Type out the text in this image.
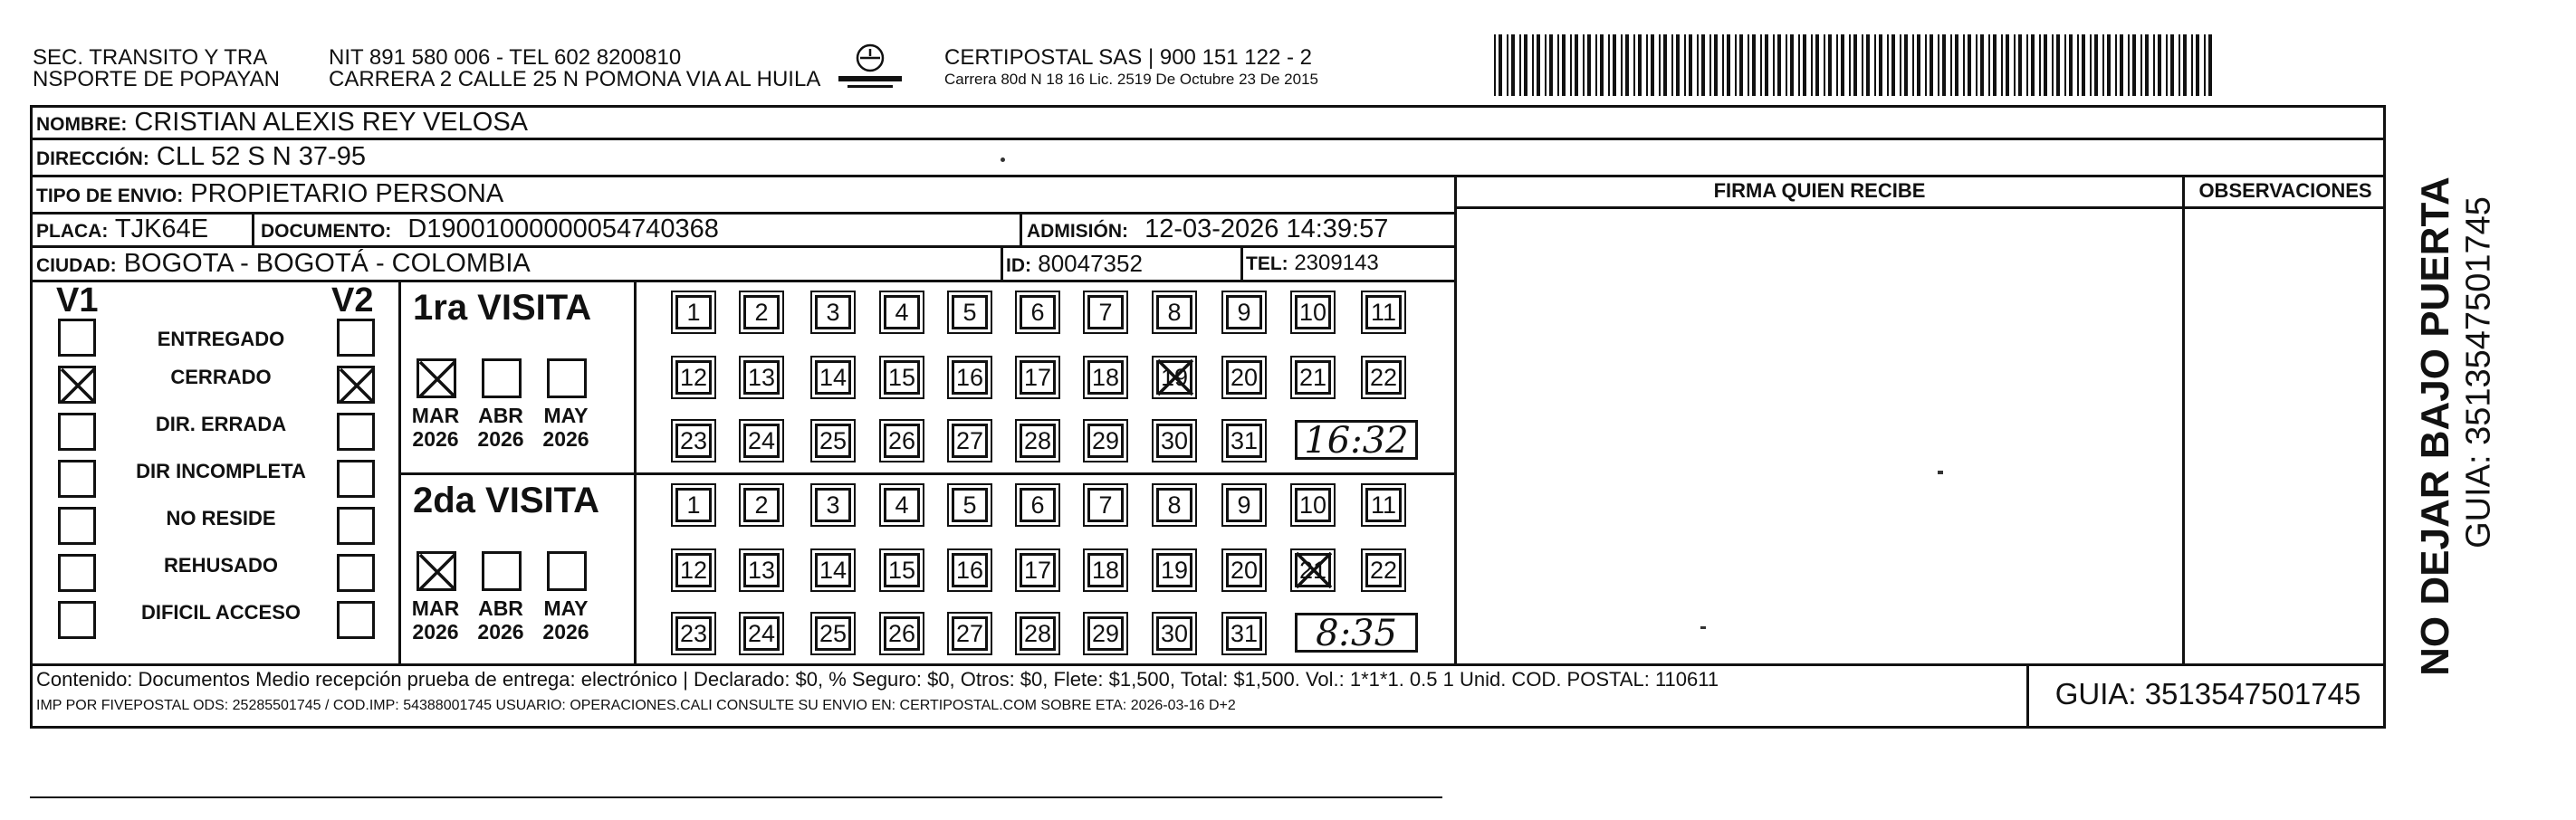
SEC. TRANSITO Y TRA
NSPORTE DE POPAYAN
NIT 891 580 006 - TEL 602 8200810
CARRERA 2 CALLE 25 N POMONA VIA AL HUILA
CERTIPOSTAL SAS | 900 151 122 - 2
Carrera 80d N 18 16 Lic. 2519 De Octubre 23 De 2015
NOMBRE: CRISTIAN ALEXIS REY VELOSA
DIRECCIÓN: CLL 52 S N 37-95
TIPO DE ENVIO: PROPIETARIO PERSONA
PLACA: TJK64E	DOCUMENTO: D19001000000054740368	ADMISIÓN: 12-03-2026 14:39:57
CIUDAD: BOGOTA - BOGOTÁ - COLOMBIA	ID: 80047352	TEL: 2309143
FIRMA QUIEN RECIBE	OBSERVACIONES
V1	V2
ENTREGADO
CERRADO
DIR. ERRADA
DIR INCOMPLETA
NO RESIDE
REHUSADO
DIFICIL ACCESO
1ra VISITA
MAR
2026
ABR
2026
MAY
2026
1	2	3	4	5	6	7	8	9	10 11
12 13 14 15 16 17 18 19 20 21 22
23 24 25 26 27 28 29 30 31 16:32
2da VISITA
MAR
2026
ABR
2026
MAY
2026
1	2	3	4	5	6	7	8	9	10 11
12 13 14 15 16 17 18 19 20 21 22
23 24 25 26 27 28 29 30 31	8:35
Contenido: Documentos Medio recepción prueba de entrega: electrónico | Declarado: $0, % Seguro: $0, Otros: $0, Flete: $1,500, Total: $1,500. Vol.: 1*1*1. 0.5 1 Unid. COD. POSTAL: 110611
IMP POR FIVEPOSTAL ODS: 25285501745 / COD.IMP: 54388001745 USUARIO: OPERACIONES.CALI CONSULTE SU ENVIO EN: CERTIPOSTAL.COM SOBRE ETA: 2026-03-16 D+2	GUIA: 3513547501745
NO DEJAR BAJO PUERTA GUIA: 3513547501745
